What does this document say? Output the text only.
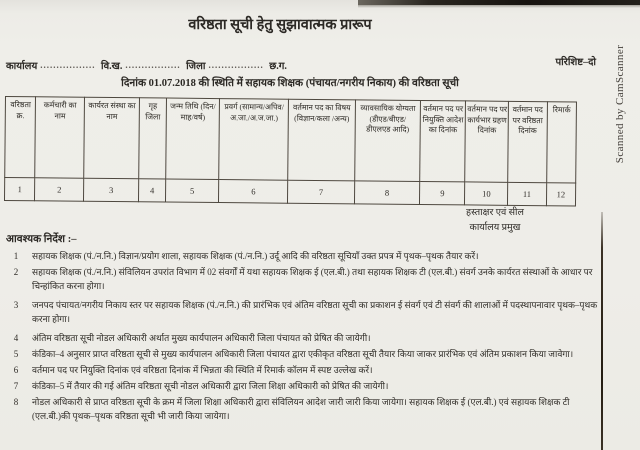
Scanned by CamScanner
वरिष्ठता सूची हेतु सुझावात्मक प्रारूप
परिशिष्ट–दो
कार्यालय ................. वि.ख. ................. जिला ................. छ.ग.
दिनांक 01.07.2018 की स्थिति में सहायक शिक्षक (पंचायत/नगरीय निकाय) की वरिष्ठता सूची
वरिष्ठता क्र.	कर्मचारी का नाम	कार्यरत संस्था का नाम	गृह जिला	जन्म तिथि (दिन/माह/वर्ष)	प्रवर्ग (सामान्य/अपिव/ अ.जा./अ.ज.जा.)	वर्तमान पद का विषय (विज्ञान/कला /अन्य)	व्यावसायिक योग्यता (डीएड/बीएड/ डीएलएड आदि)	वर्तमान पद पर नियुक्ति आदेश का दिनांक	वर्तमान पद पर कार्यभार ग्रहण दिनांक	वर्तमान पद पर वरिष्ठता दिनांक	रिमार्क
1	2	3	4	5	6	7	8	9	10	11	12
हस्ताक्षर एवं सील
कार्यालय प्रमुख
आवश्यक निर्देश :–
1	सहायक शिक्षक (पं./न.नि.) विज्ञान/प्रयोग शाला, सहायक शिक्षक (पं./न.नि.) उर्दू आदि की वरिष्ठता सूचियाँ उक्त प्रपत्र में पृथक–पृथक तैयार करें।
2	सहायक शिक्षक (पं./न.नि.) संविलियन उपरांत विभाग में 02 संवर्गों में यथा सहायक शिक्षक ई (एल.बी.) तथा सहायक शिक्षक टी (एल.बी.) संवर्ग उनके कार्यरत संस्थाओं के आधार पर चिन्हांकित करना होगा।
3	जनपद पंचायत/नगरीय निकाय स्तर पर सहायक शिक्षक (पं./न.नि.) की प्रारंभिक एवं अंतिम वरिष्ठता सूची का प्रकाशन ई संवर्ग एवं टी संवर्ग की शालाओं में पदस्थापनावार पृथक–पृथक करना होगा।
4	अंतिम वरिष्ठता सूची नोडल अधिकारी अर्थात मुख्य कार्यपालन अधिकारी जिला पंचायत को प्रेषित की जायेगी।
5	कंडिका–4 अनुसार प्राप्त वरिष्ठता सूची से मुख्य कार्यपालन अधिकारी जिला पंचायत द्वारा एकीकृत वरिष्ठता सूची तैयार किया जाकर प्रारंभिक एवं अंतिम प्रकाशन किया जावेगा।
6	वर्तमान पद पर नियुक्ति दिनांक एवं वरिष्ठता दिनांक में भिन्नता की स्थिति में रिमार्क कॉलम में स्पष्ट उल्लेख करें।
7	कंडिका–5 में तैयार की गई अंतिम वरिष्ठता सूची नोडल अधिकारी द्वारा जिला शिक्षा अधिकारी को प्रेषित की जायेगी।
8	नोडल अधिकारी से प्राप्त वरिष्ठता सूची के क्रम में जिला शिक्षा अधिकारी द्वारा संविलियन आदेश जारी जारी किया जायेगा। सहायक शिक्षक ई (एल.बी.) एवं सहायक शिक्षक टी (एल.बी.)की पृथक–पृथक वरिष्ठता सूची भी जारी किया जायेगा।
